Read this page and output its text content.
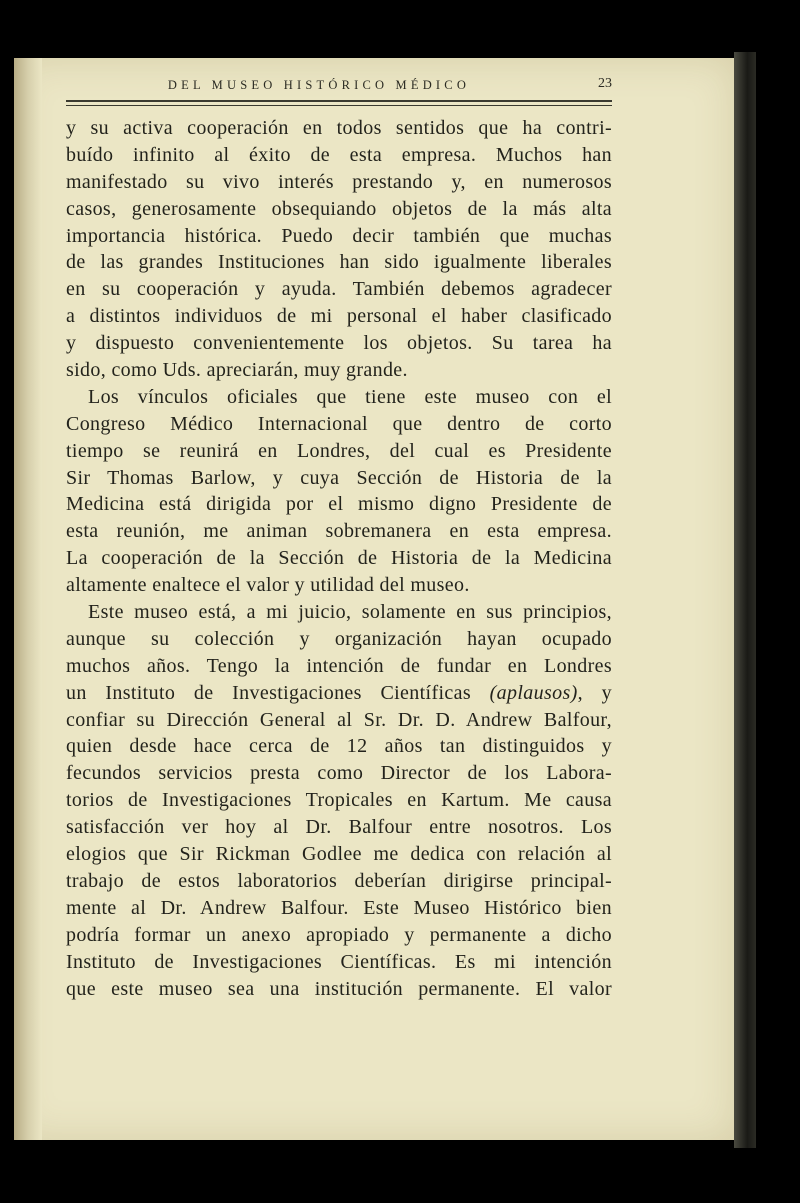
DEL MUSEO HISTÓRICO MÉDICO	23
y su activa cooperación en todos sentidos que ha contri-
buído infinito al éxito de esta empresa. Muchos han
manifestado su vivo interés prestando y, en numerosos
casos, generosamente obsequiando objetos de la más alta
importancia histórica. Puedo decir también que muchas
de las grandes Instituciones han sido igualmente liberales
en su cooperación y ayuda. También debemos agradecer
a distintos individuos de mi personal el haber clasificado
y dispuesto convenientemente los objetos. Su tarea ha
sido, como Uds. apreciarán, muy grande.
Los vínculos oficiales que tiene este museo con el
Congreso Médico Internacional que dentro de corto
tiempo se reunirá en Londres, del cual es Presidente
Sir Thomas Barlow, y cuya Sección de Historia de la
Medicina está dirigida por el mismo digno Presidente de
esta reunión, me animan sobremanera en esta empresa.
La cooperación de la Sección de Historia de la Medicina
altamente enaltece el valor y utilidad del museo.
Este museo está, a mi juicio, solamente en sus principios,
aunque su colección y organización hayan ocupado
muchos años. Tengo la intención de fundar en Londres
un Instituto de Investigaciones Científicas (aplausos), y
confiar su Dirección General al Sr. Dr. D. Andrew Balfour,
quien desde hace cerca de 12 años tan distinguidos y
fecundos servicios presta como Director de los Labora-
torios de Investigaciones Tropicales en Kartum. Me causa
satisfacción ver hoy al Dr. Balfour entre nosotros. Los
elogios que Sir Rickman Godlee me dedica con relación al
trabajo de estos laboratorios deberían dirigirse principal-
mente al Dr. Andrew Balfour. Este Museo Histórico bien
podría formar un anexo apropiado y permanente a dicho
Instituto de Investigaciones Científicas. Es mi intención
que este museo sea una institución permanente. El valor
